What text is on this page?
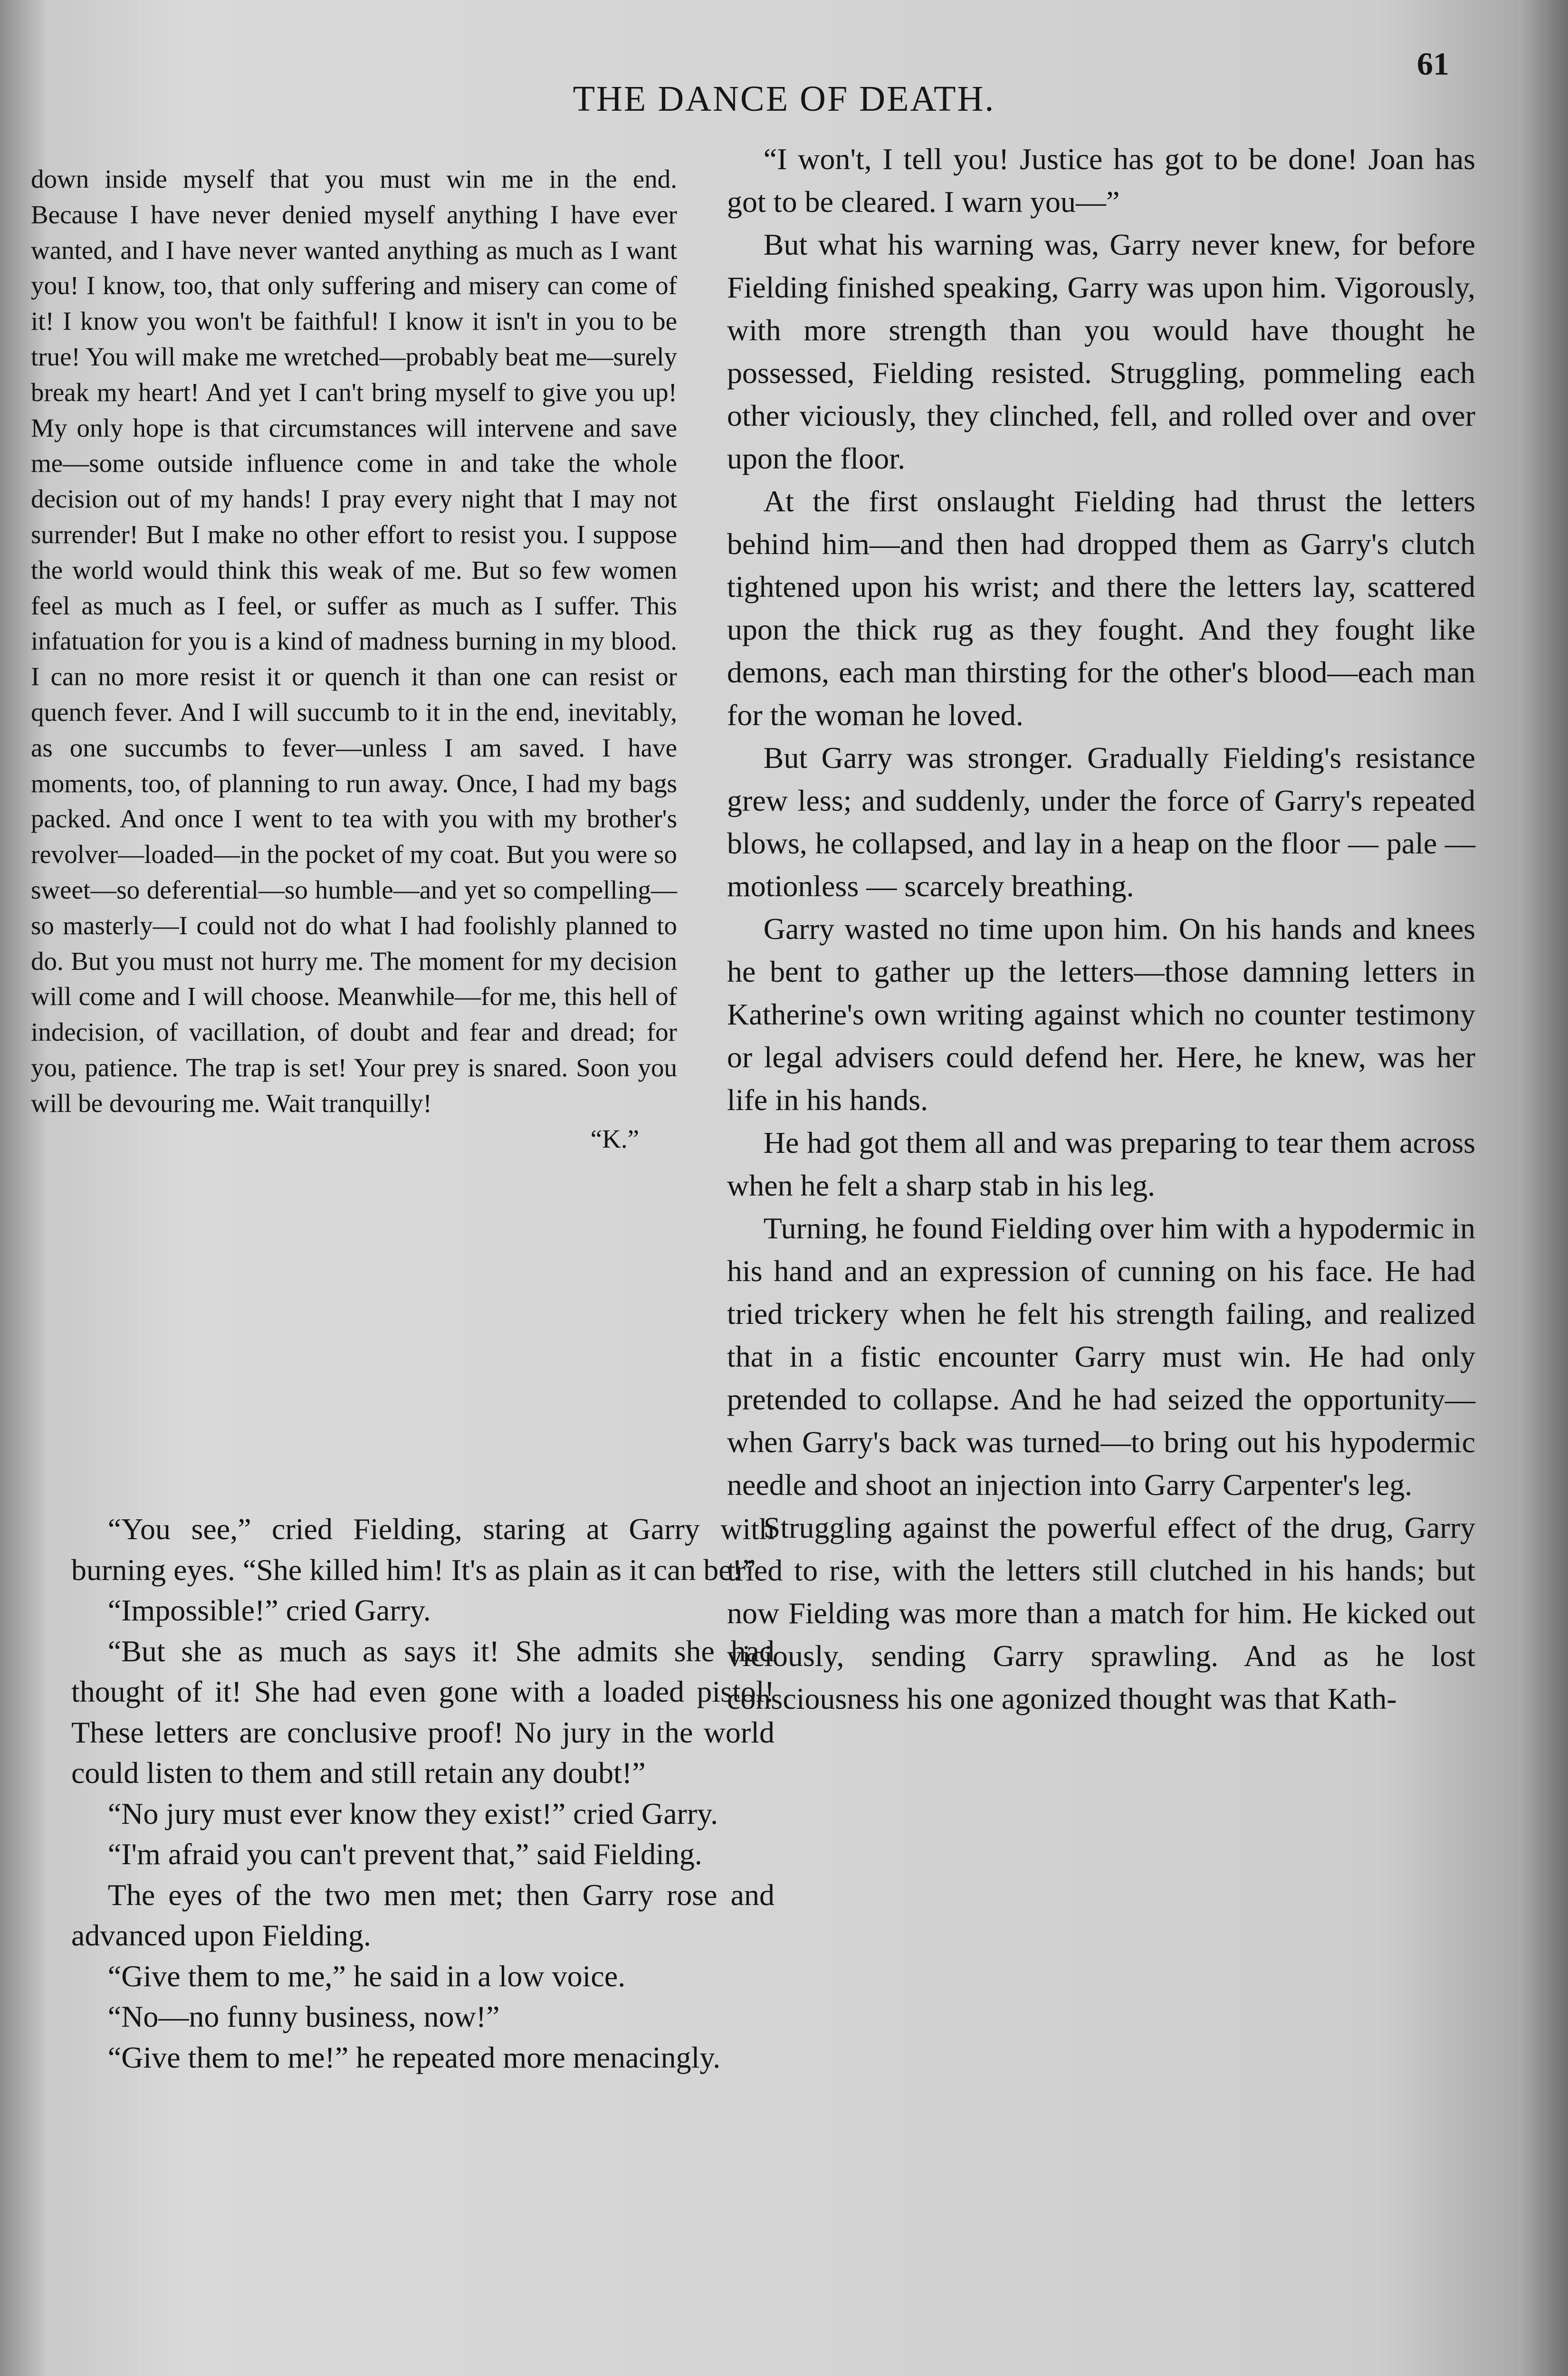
61
THE DANCE OF DEATH.

down inside myself that you must win me in the end. Because I have never denied myself anything I have ever wanted, and I have never wanted anything as much as I want you! I know, too, that only suffering and misery can come of it! I know you won't be faithful! I know it isn't in you to be true! You will make me wretched—probably beat me—surely break my heart! And yet I can't bring myself to give you up! My only hope is that circumstances will intervene and save me—some outside influence come in and take the whole decision out of my hands! I pray every night that I may not surrender! But I make no other effort to resist you. I suppose the world would think this weak of me. But so few women feel as much as I feel, or suffer as much as I suffer. This infatuation for you is a kind of madness burning in my blood. I can no more resist it or quench it than one can resist or quench fever. And I will succumb to it in the end, inevitably, as one succumbs to fever—unless I am saved. I have moments, too, of planning to run away. Once, I had my bags packed. And once I went to tea with you with my brother's revolver—loaded—in the pocket of my coat. But you were so sweet—so deferential—so humble—and yet so compelling—so masterly—I could not do what I had foolishly planned to do. But you must not hurry me. The moment for my decision will come and I will choose. Meanwhile—for me, this hell of indecision, of vacillation, of doubt and fear and dread; for you, patience. The trap is set! Your prey is snared. Soon you will be devouring me. Wait tranquilly!

“K.”

“You see,” cried Fielding, staring at Garry with burning eyes. “She killed him! It's as plain as it can be!”

“Impossible!” cried Garry.

“But she as much as says it! She admits she had thought of it! She had even gone with a loaded pistol! These letters are conclusive proof! No jury in the world could listen to them and still retain any doubt!”

“No jury must ever know they exist!” cried Garry.

“I'm afraid you can't prevent that,” said Fielding.

The eyes of the two men met; then Garry rose and advanced upon Fielding.

“Give them to me,” he said in a low voice.

“No—no funny business, now!”

“Give them to me!” he repeated more menacingly.

“I won't, I tell you! Justice has got to be done! Joan has got to be cleared. I warn you—”

But what his warning was, Garry never knew, for before Fielding finished speaking, Garry was upon him. Vigorously, with more strength than you would have thought he possessed, Fielding resisted. Struggling, pommeling each other viciously, they clinched, fell, and rolled over and over upon the floor.

At the first onslaught Fielding had thrust the letters behind him—and then had dropped them as Garry's clutch tightened upon his wrist; and there the letters lay, scattered upon the thick rug as they fought. And they fought like demons, each man thirsting for the other's blood—each man for the woman he loved.

But Garry was stronger. Gradually Fielding's resistance grew less; and suddenly, under the force of Garry's repeated blows, he collapsed, and lay in a heap on the floor — pale — motionless — scarcely breathing.

Garry wasted no time upon him. On his hands and knees he bent to gather up the letters—those damning letters in Katherine's own writing against which no counter testimony or legal advisers could defend her. Here, he knew, was her life in his hands.

He had got them all and was preparing to tear them across when he felt a sharp stab in his leg.

Turning, he found Fielding over him with a hypodermic in his hand and an expression of cunning on his face. He had tried trickery when he felt his strength failing, and realized that in a fistic encounter Garry must win. He had only pretended to collapse. And he had seized the opportunity—when Garry's back was turned—to bring out his hypodermic needle and shoot an injection into Garry Carpenter's leg.

Struggling against the powerful effect of the drug, Garry tried to rise, with the letters still clutched in his hands; but now Fielding was more than a match for him. He kicked out viciously, sending Garry sprawling. And as he lost consciousness his one agonized thought was that Kath-
